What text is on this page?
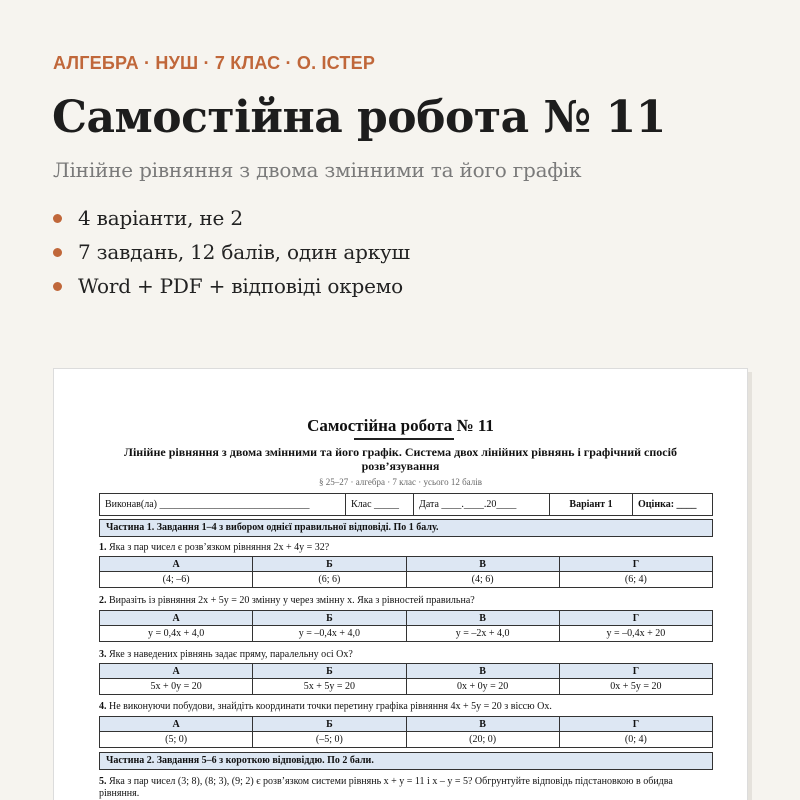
АЛГЕБРА · НУШ · 7 КЛАС · О. ІСТЕР
Самостійна робота № 11
Лінійне рівняння з двома змінними та його графік
4 варіанти, не 2
7 завдань, 12 балів, один аркуш
Word + PDF + відповіді окремо
Самостійна робота № 11
Лінійне рівняння з двома змінними та його графік. Система двох лінійних рівнянь і графічний спосіб розв’язування
§ 25–27 · алгебра · 7 клас · усього 12 балів
Виконав(ла) ______________________________	Клас _____	Дата ____.____.20____	Варіант 1	Оцінка: ____
Частина 1. Завдання 1–4 з вибором однієї правильної відповіді. По 1 балу.
1. Яка з пар чисел є розв’язком рівняння 2x + 4y = 32?
А	Б	В	Г
(4; –6)	(6; 6)	(4; 6)	(6; 4)
2. Виразіть із рівняння 2x + 5y = 20 змінну y через змінну x. Яка з рівностей правильна?
А	Б	В	Г
y = 0,4x + 4,0	y = –0,4x + 4,0	y = –2x + 4,0	y = –0,4x + 20
3. Яке з наведених рівнянь задає пряму, паралельну осі Ox?
А	Б	В	Г
5x + 0y = 20	5x + 5y = 20	0x + 0y = 20	0x + 5y = 20
4. Не виконуючи побудови, знайдіть координати точки перетину графіка рівняння 4x + 5y = 20 з віссю Ox.
А	Б	В	Г
(5; 0)	(–5; 0)	(20; 0)	(0; 4)
Частина 2. Завдання 5–6 з короткою відповіддю. По 2 бали.
5. Яка з пар чисел (3; 8), (8; 3), (9; 2) є розв’язком системи рівнянь x + y = 11 і x – y = 5? Обгрунтуйте відповідь підстановкою в обидва рівняння.
